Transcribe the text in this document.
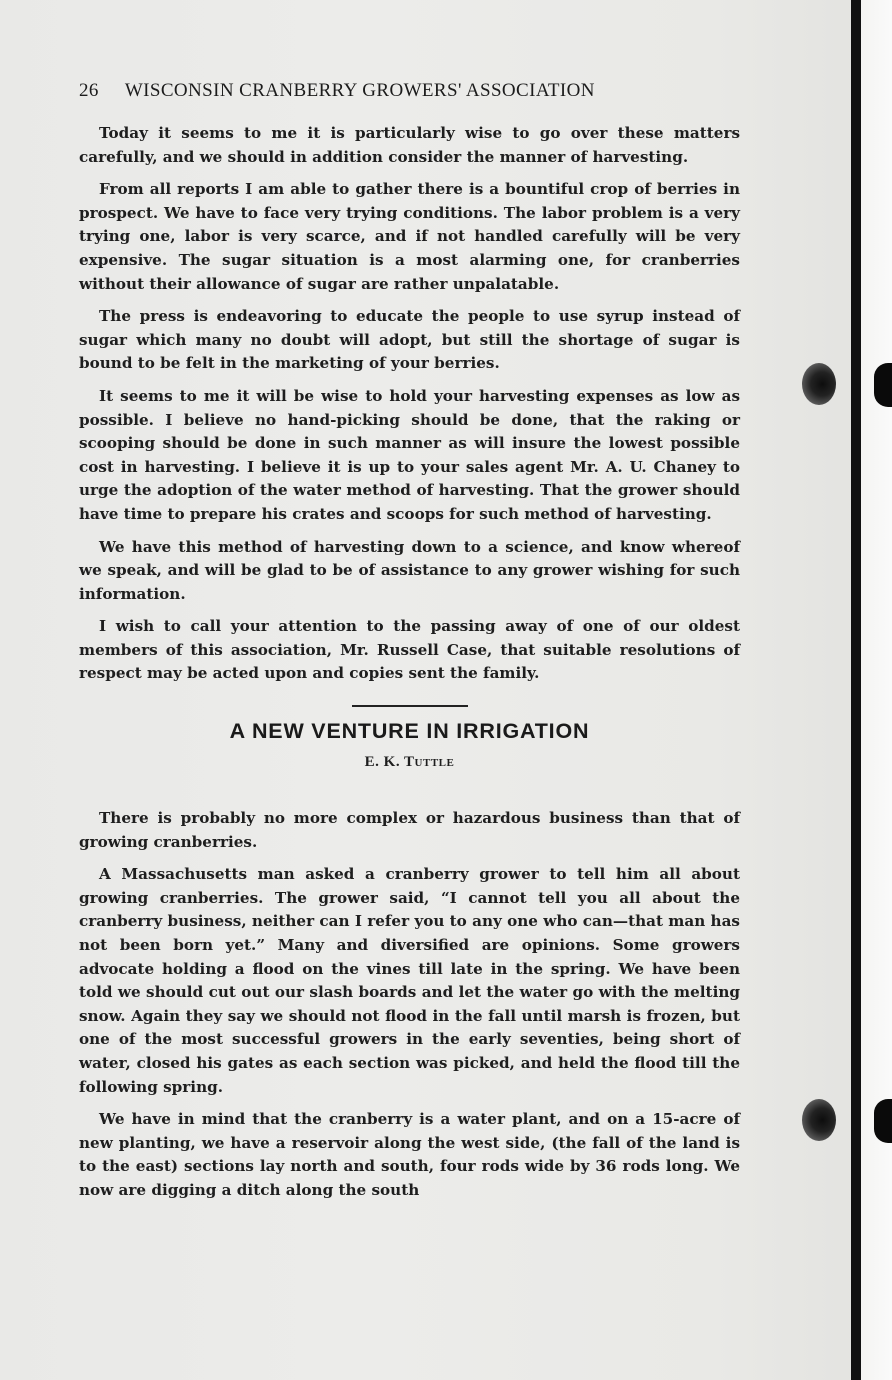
26 WISCONSIN CRANBERRY GROWERS' ASSOCIATION

Today it seems to me it is particularly wise to go over these matters carefully, and we should in addition consider the manner of harvesting.

From all reports I am able to gather there is a bountiful crop of berries in prospect. We have to face very trying conditions. The labor problem is a very trying one, labor is very scarce, and if not handled carefully will be very expensive. The sugar situation is a most alarming one, for cranberries without their allowance of sugar are rather unpalatable.

The press is endeavoring to educate the people to use syrup instead of sugar which many no doubt will adopt, but still the shortage of sugar is bound to be felt in the marketing of your berries.

It seems to me it will be wise to hold your harvesting expenses as low as possible. I believe no hand-picking should be done, that the raking or scooping should be done in such manner as will insure the lowest possible cost in harvesting. I believe it is up to your sales agent Mr. A. U. Chaney to urge the adoption of the water method of harvesting. That the grower should have time to prepare his crates and scoops for such method of harvesting.

We have this method of harvesting down to a science, and know whereof we speak, and will be glad to be of assistance to any grower wishing for such information.

I wish to call your attention to the passing away of one of our oldest members of this association, Mr. Russell Case, that suitable resolutions of respect may be acted upon and copies sent the family.

A NEW VENTURE IN IRRIGATION
E. K. Tuttle

There is probably no more complex or hazardous business than that of growing cranberries.

A Massachusetts man asked a cranberry grower to tell him all about growing cranberries. The grower said, “I cannot tell you all about the cranberry business, neither can I refer you to any one who can—that man has not been born yet.” Many and diversified are opinions. Some growers advocate holding a flood on the vines till late in the spring. We have been told we should cut out our slash boards and let the water go with the melting snow. Again they say we should not flood in the fall until marsh is frozen, but one of the most successful growers in the early seventies, being short of water, closed his gates as each section was picked, and held the flood till the following spring.

We have in mind that the cranberry is a water plant, and on a 15-acre of new planting, we have a reservoir along the west side, (the fall of the land is to the east) sections lay north and south, four rods wide by 36 rods long. We now are digging a ditch along the south
